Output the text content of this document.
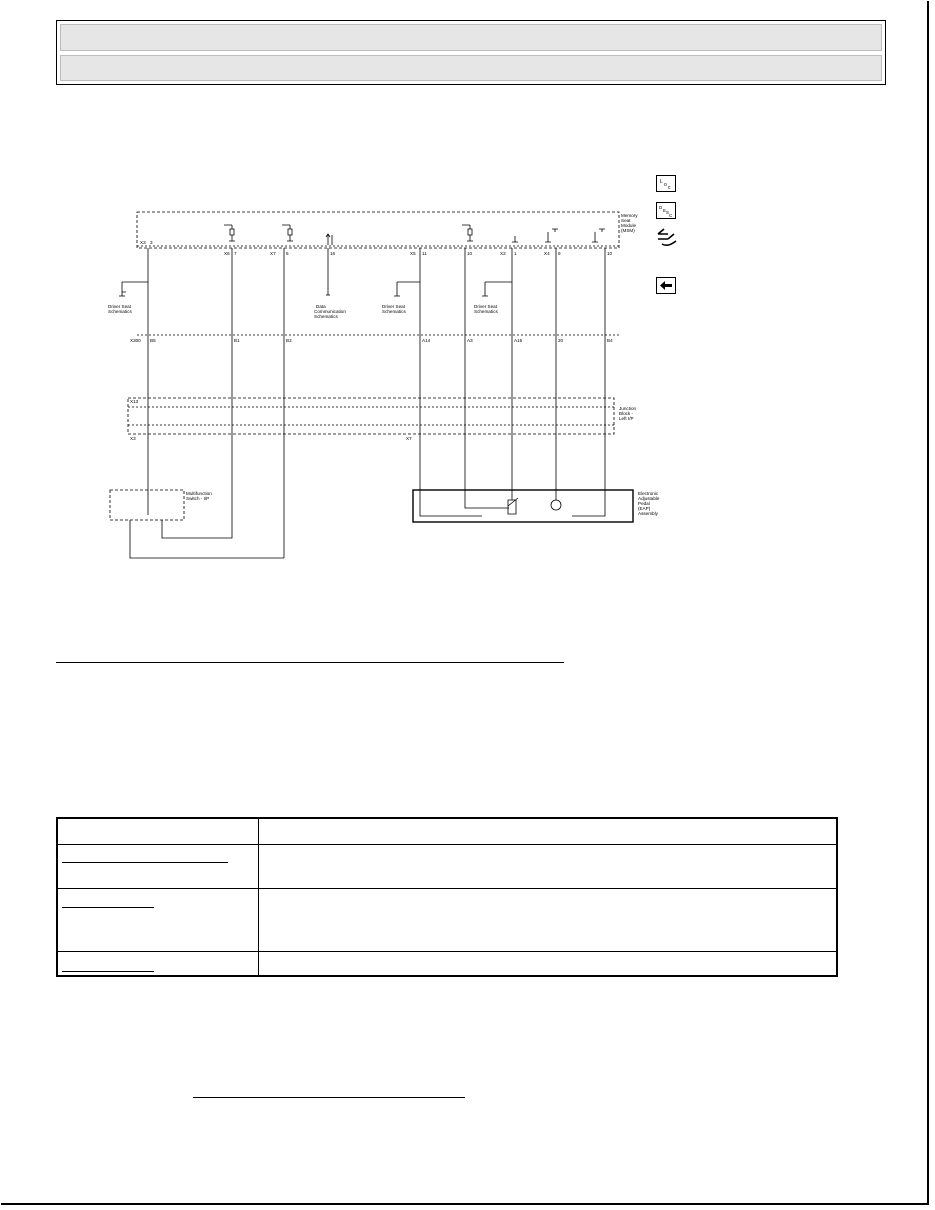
X3 3
X6 7	X7 5	16	X5 11	10	X2 1	X4 9	10
X300 B5	B1	B2	A14	A3	A15	20	B4
X13
X3	X7
Junction
Block -
Left I/P
Memory
Seat
Module
(MSM)
Electronic
Adjustable
Pedal
(EAP)
Assembly
Multifunction
Switch - I/P
Driver Seat
Schematics
Driver Seat
Schematics
Driver Seat
Schematics
Data
Communication
Schematics
L o c
D
E S
C
